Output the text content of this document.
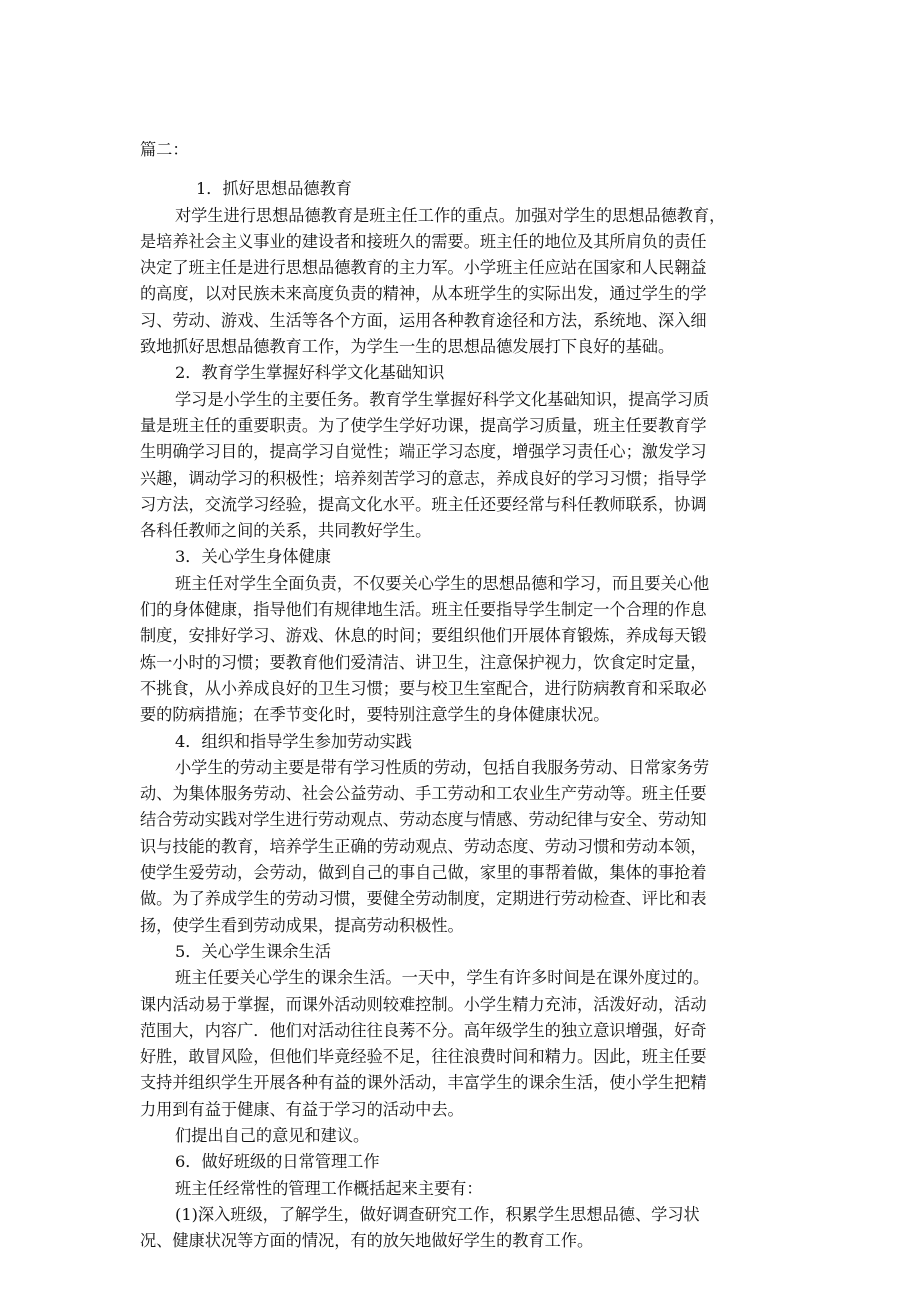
篇二：
1．抓好思想品德教育
对学生进行思想品德教育是班主任工作的重点。加强对学生的思想品德教育，
是培养社会主义事业的建设者和接班久的需要。班主任的地位及其所肩负的责任
决定了班主任是进行思想品德教育的主力军。小学班主任应站在国家和人民翱益
的高度，以对民族未来高度负责的精神，从本班学生的实际出发，通过学生的学
习、劳动、游戏、生活等各个方面，运用各种教育途径和方法，系统地、深入细
致地抓好思想品德教育工作，为学生一生的思想品德发展打下良好的基础。
2．教育学生掌握好科学文化基础知识
学习是小学生的主要任务。教育学生掌握好科学文化基础知识，提高学习质
量是班主任的重要职责。为了使学生学好功课，提高学习质量，班主任要教育学
生明确学习目的，提高学习自觉性；端正学习态度，增强学习责任心；激发学习
兴趣，调动学习的积极性；培养刻苦学习的意志，养成良好的学习习惯；指导学
习方法，交流学习经验，提高文化水平。班主任还要经常与科任教师联系，协调
各科任教师之间的关系，共同教好学生。
3．关心学生身体健康
班主任对学生全面负责，不仅要关心学生的思想品德和学习，而且要关心他
们的身体健康，指导他们有规律地生活。班主任要指导学生制定一个合理的作息
制度，安排好学习、游戏、休息的时间；要组织他们开展体育锻炼，养成每天锻
炼一小时的习惯；要教育他们爱清洁、讲卫生，注意保护视力，饮食定时定量，
不挑食，从小养成良好的卫生习惯；要与校卫生室配合，进行防病教育和采取必
要的防病措施；在季节变化时，要特别注意学生的身体健康状况。
4．组织和指导学生参加劳动实践
小学生的劳动主要是带有学习性质的劳动，包括自我服务劳动、日常家务劳
动、为集体服务劳动、社会公益劳动、手工劳动和工农业生产劳动等。班主任要
结合劳动实践对学生进行劳动观点、劳动态度与情感、劳动纪律与安全、劳动知
识与技能的教育，培养学生正确的劳动观点、劳动态度、劳动习惯和劳动本领，
使学生爱劳动，会劳动，做到自己的事自己做，家里的事帮着做，集体的事抢着
做。为了养成学生的劳动习惯，要健全劳动制度，定期进行劳动检查、评比和表
扬，使学生看到劳动成果，提高劳动积极性。
5．关心学生课余生活
班主任要关心学生的课余生活。一天中，学生有许多时间是在课外度过的。
课内活动易于掌握，而课外活动则较难控制。小学生精力充沛，活泼好动，活动
范围大，内容广．他们对活动往往良莠不分。高年级学生的独立意识增强，好奇
好胜，敢冒风险，但他们毕竟经验不足，往往浪费时间和精力。因此，班主任要
支持并组织学生开展各种有益的课外活动，丰富学生的课余生活，使小学生把精
力用到有益于健康、有益于学习的活动中去。
们提出自己的意见和建议。
6．做好班级的日常管理工作
班主任经常性的管理工作概括起来主要有：
(1)深入班级，了解学生，做好调查研究工作，积累学生思想品德、学习状
况、健康状况等方面的情况，有的放矢地做好学生的教育工作。
